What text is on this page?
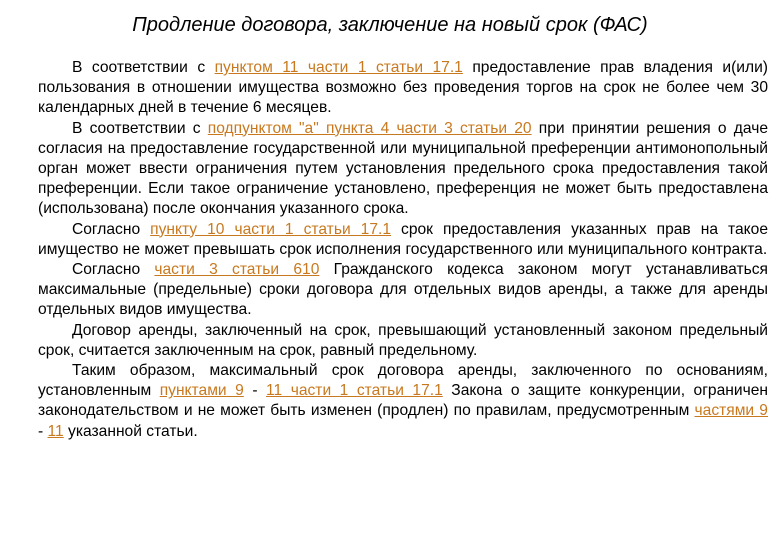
Продление договора, заключение на новый срок (ФАС)

В соответствии с пунктом 11 части 1 статьи 17.1 предоставление прав владения и(или) пользования в отношении имущества возможно без проведения торгов на срок не более чем 30 календарных дней в течение 6 месяцев.

В соответствии с подпунктом "а" пункта 4 части 3 статьи 20 при принятии решения о даче согласия на предоставление государственной или муниципальной преференции антимонопольный орган может ввести ограничения путем установления предельного срока предоставления такой преференции. Если такое ограничение установлено, преференция не может быть предоставлена (использована) после окончания указанного срока.

Согласно пункту 10 части 1 статьи 17.1 срок предоставления указанных прав на такое имущество не может превышать срок исполнения государственного или муниципального контракта.

Согласно части 3 статьи 610 Гражданского кодекса законом могут устанавливаться максимальные (предельные) сроки договора для отдельных видов аренды, а также для аренды отдельных видов имущества.

Договор аренды, заключенный на срок, превышающий установленный законом предельный срок, считается заключенным на срок, равный предельному.

Таким образом, максимальный срок договора аренды, заключенного по основаниям, установленным пунктами 9 - 11 части 1 статьи 17.1 Закона о защите конкуренции, ограничен законодательством и не может быть изменен (продлен) по правилам, предусмотренным частями 9 - 11 указанной статьи.
